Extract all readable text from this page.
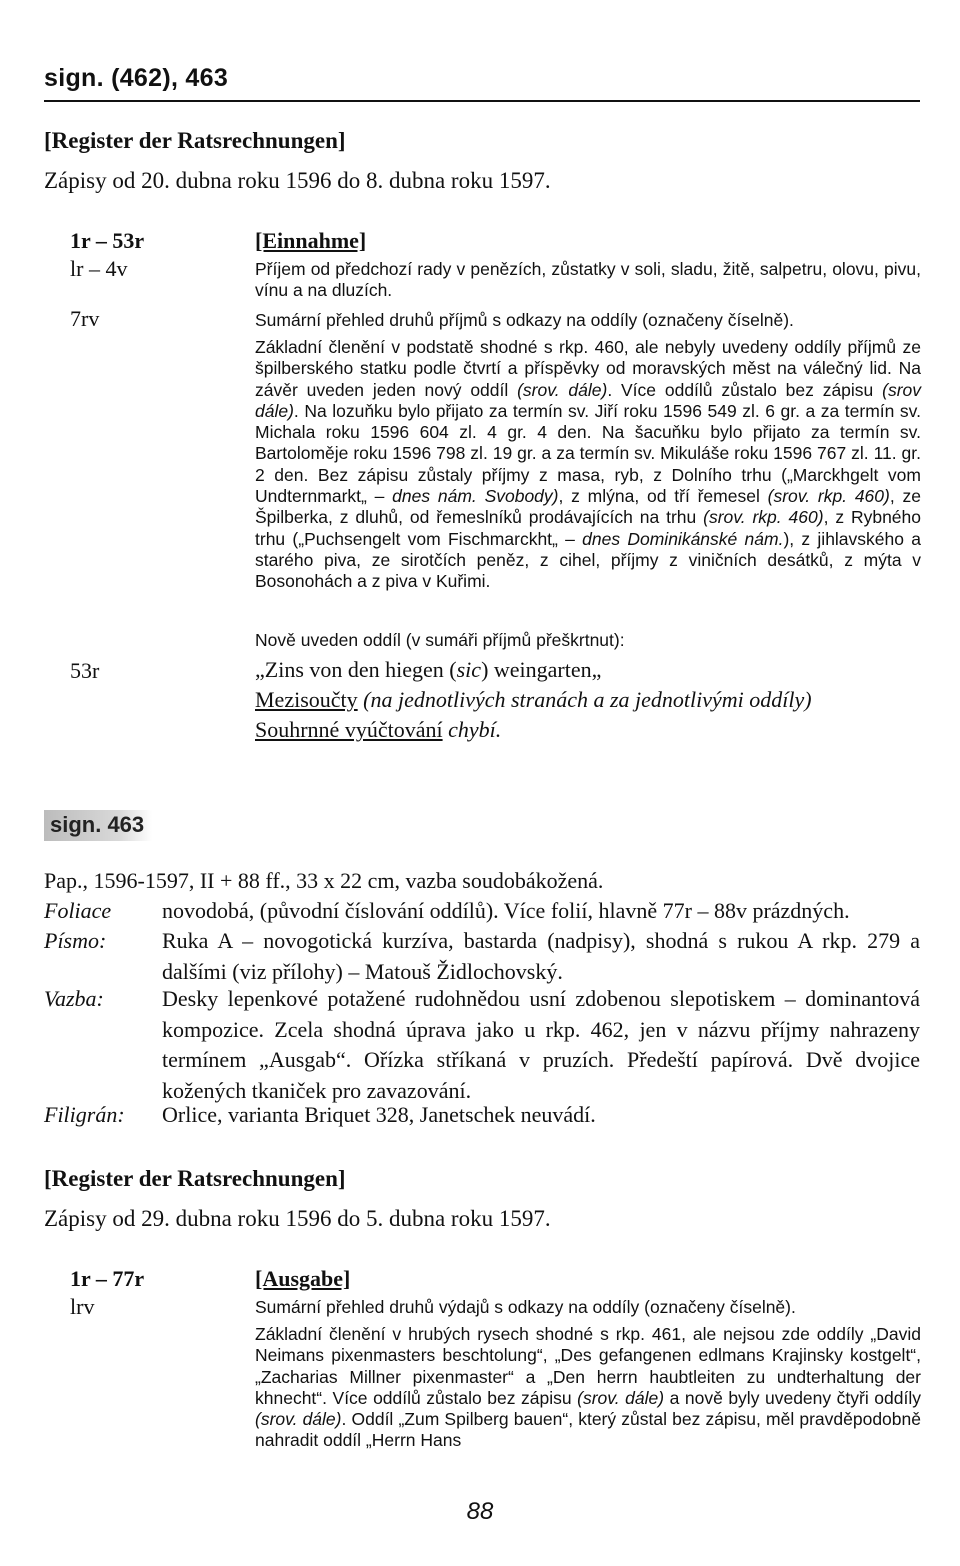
sign. (462), 463
[Register der Ratsrechnungen]
Zápisy od 20. dubna roku 1596 do 8. dubna roku 1597.
1r – 53r	[Einnahme]
lr – 4v	Příjem od předchozí rady v penězích, zůstatky v soli, sladu, žitě, salpetru, olovu, pivu, vínu a na dluzích.
7rv	Sumární přehled druhů příjmů s odkazy na oddíly (označeny číselně).
Základní členění v podstatě shodné s rkp. 460, ale nebyly uvedeny oddíly příjmů ze špilberského statku podle čtvrtí a příspěvky od moravských měst na válečný lid. Na závěr uveden jeden nový oddíl (srov. dále). Více oddílů zůstalo bez zápisu (srov dále). Na lozuňku bylo přijato za termín sv. Jiří roku 1596 549 zl. 6 gr. a za termín sv. Michala roku 1596 604 zl. 4 gr. 4 den. Na šacuňku bylo přijato za termín sv. Bartoloměje roku 1596 798 zl. 19 gr. a za termín sv. Mikuláše roku 1596 767 zl. 11. gr. 2 den. Bez zápisu zůstaly příjmy z masa, ryb, z Dolního trhu („Marckhgelt vom Undternmarkt„ – dnes nám. Svobody), z mlýna, od tří řemesel (srov. rkp. 460), ze Špilberka, z dluhů, od řemeslníků prodávajících na trhu (srov. rkp. 460), z Rybného trhu („Puchsengelt vom Fischmarckht„ – dnes Dominikánské nám.), z jihlavského a starého piva, ze sirotčích peněz, z cihel, příjmy z viničních desátků, z mýta v Bosonohách a z piva v Kuřimi.
Nově uveden oddíl (v sumáři příjmů přeškrtnut):
53r	„Zins von den hiegen (sic) weingarten„
Mezisoučty (na jednotlivých stranách a za jednotlivými oddíly)
Souhrnné vyúčtování chybí.
sign. 463
Pap., 1596-1597, II + 88 ff., 33 x 22 cm, vazba soudobákožená.
Foliace novodobá, (původní číslování oddílů). Více folií, hlavně 77r – 88v prázdných.
Písmo:	Ruka A – novogotická kurzíva, bastarda (nadpisy), shodná s rukou A rkp. 279 a dalšími (viz přílohy) – Matouš Židlochovský.
Vazba:	Desky lepenkové potažené rudohnědou usní zdobenou slepotiskem – dominantová kompozice. Zcela shodná úprava jako u rkp. 462, jen v názvu příjmy nahrazeny termínem „Ausgab“. Ořízka stříkaná v pruzích. Předeští papírová. Dvě dvojice kožených tkaniček pro zavazování.
Filigrán: Orlice, varianta Briquet 328, Janetschek neuvádí.
[Register der Ratsrechnungen]
Zápisy od 29. dubna roku 1596 do 5. dubna roku 1597.
1r – 77r	[Ausgabe]
lrv	Sumární přehled druhů výdajů s odkazy na oddíly (označeny číselně).
Základní členění v hrubých rysech shodné s rkp. 461, ale nejsou zde oddíly „David Neimans pixenmasters beschtolung“, „Des gefangenen edlmans Krajinsky kostgelt“, „Zacharias Millner pixenmaster“ a „Den herrn haubtleiten zu undterhaltung der khnecht“. Více oddílů zůstalo bez zápisu (srov. dále) a nově byly uvedeny čtyři oddíly (srov. dále). Oddíl „Zum Spilberg bauen“, který zůstal bez zápisu, měl pravděpodobně nahradit oddíl „Herrn Hans
88
